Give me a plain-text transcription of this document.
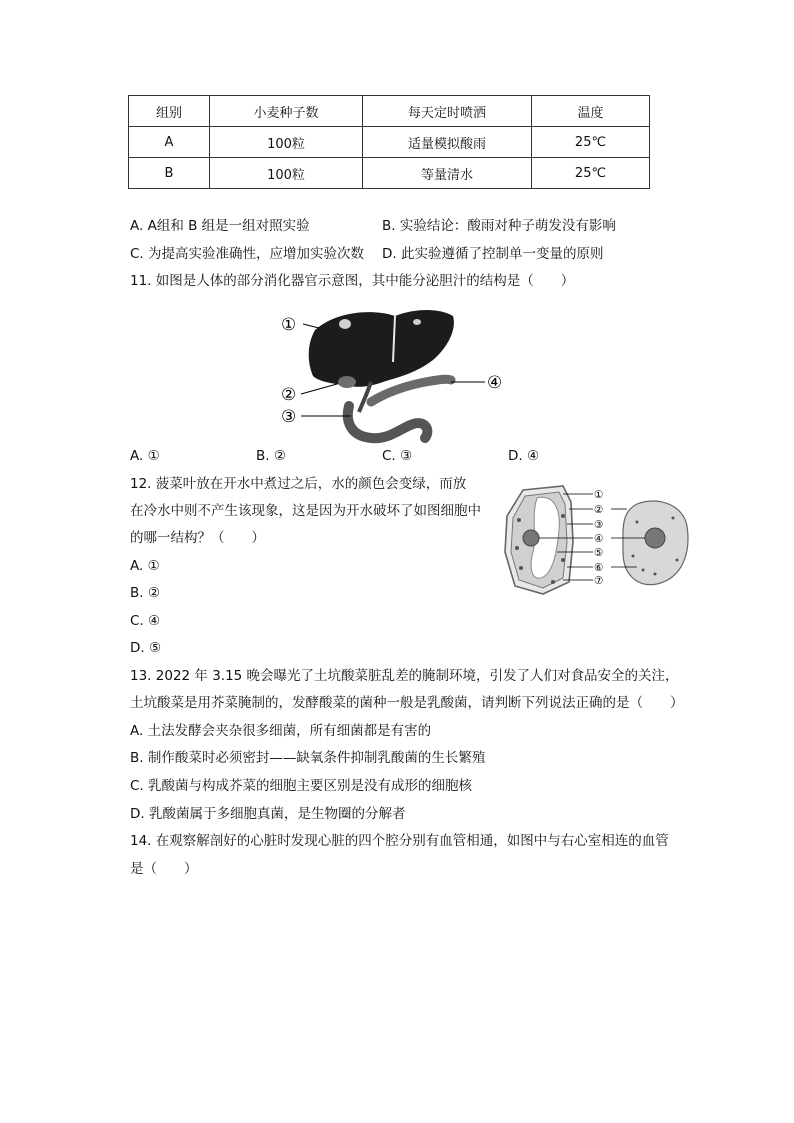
组别	小麦种子数	每天定时喷洒	温度
A	100粒	适量模拟酸雨	25℃
B	100粒	等量清水	25℃
A. A组和 B 组是一组对照实验	B. 实验结论：酸雨对种子萌发没有影响
C. 为提高实验准确性，应增加实验次数 D. 此实验遵循了控制单一变量的原则
11. 如图是人体的部分消化器官示意图，其中能分泌胆汁的结构是（　　）
①
②
③
④
A. ①	B. ②	C. ③	D. ④
12. 菠菜叶放在开水中煮过之后，水的颜色会变绿，而放
在冷水中则不产生该现象，这是因为开水破坏了如图细胞中
的哪一结构？（　　）
①
②
③
④
⑤
⑥
⑦
A. ①
B. ②
C. ④
D. ⑤
13. 2022 年 3.15 晚会曝光了土坑酸菜脏乱差的腌制环境，引发了人们对食品安全的关注，
土坑酸菜是用芥菜腌制的，发酵酸菜的菌种一般是乳酸菌，请判断下列说法正确的是（　　）
A. 土法发酵会夹杂很多细菌，所有细菌都是有害的
B. 制作酸菜时必须密封——缺氧条件抑制乳酸菌的生长繁殖
C. 乳酸菌与构成芥菜的细胞主要区别是没有成形的细胞核
D. 乳酸菌属于多细胞真菌，是生物圈的分解者
14. 在观察解剖好的心脏时发现心脏的四个腔分别有血管相通，如图中与右心室相连的血管
是（　　）
